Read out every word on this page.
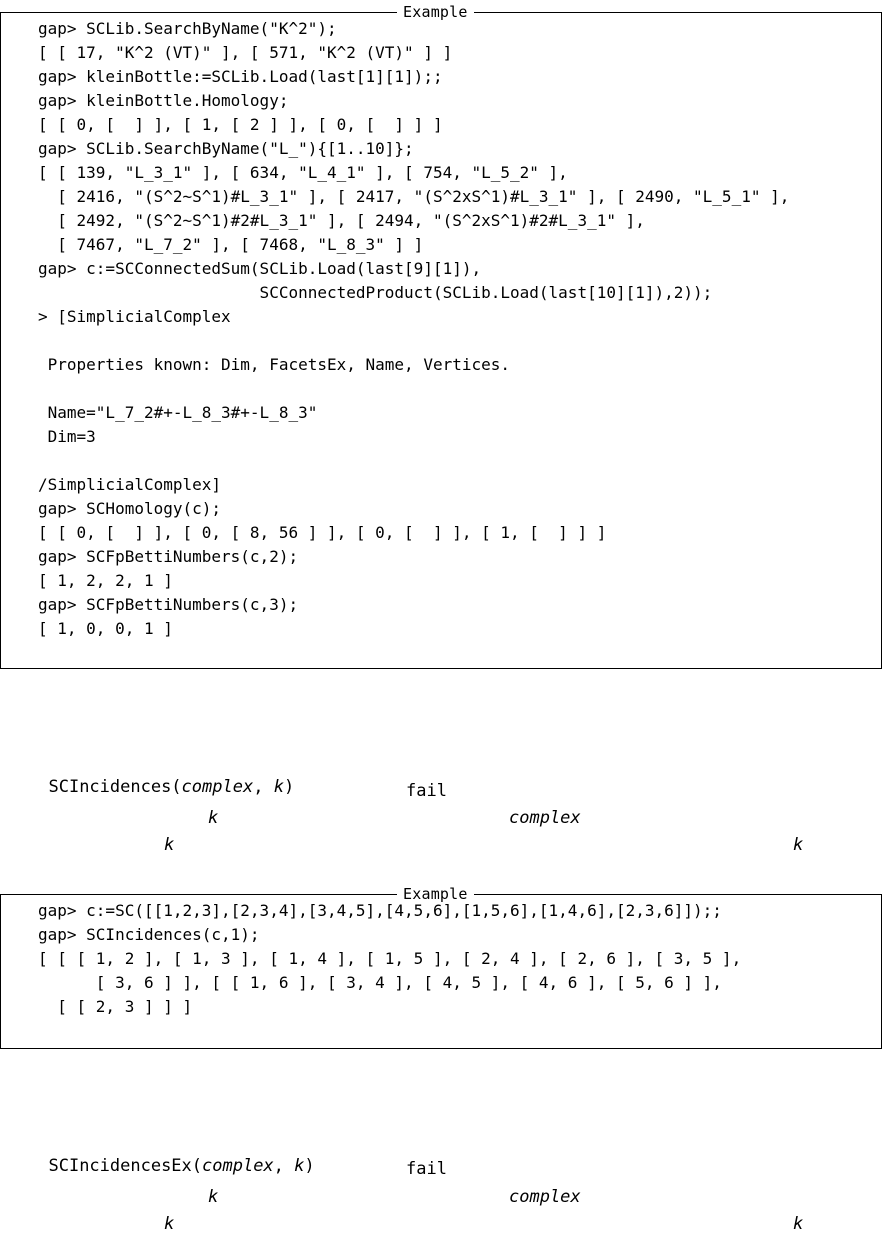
Example
gap> SCLib.SearchByName("K^2");
[ [ 17, "K^2 (VT)" ], [ 571, "K^2 (VT)" ] ]
gap> kleinBottle:=SCLib.Load(last[1][1]);;
gap> kleinBottle.Homology;
[ [ 0, [  ] ], [ 1, [ 2 ] ], [ 0, [  ] ] ]
gap> SCLib.SearchByName("L_"){[1..10]};
[ [ 139, "L_3_1" ], [ 634, "L_4_1" ], [ 754, "L_5_2" ],
[ 2416, "(S^2~S^1)#L_3_1" ], [ 2417, "(S^2xS^1)#L_3_1" ], [ 2490, "L_5_1" ],
[ 2492, "(S^2~S^1)#2#L_3_1" ], [ 2494, "(S^2xS^1)#2#L_3_1" ],
[ 7467, "L_7_2" ], [ 7468, "L_8_3" ] ]
gap> c:=SCConnectedSum(SCLib.Load(last[9][1]),
SCConnectedProduct(SCLib.Load(last[10][1]),2));
> [SimplicialComplex
Properties known: Dim, FacetsEx, Name, Vertices.
Name="L_7_2#+-L_8_3#+-L_8_3"
Dim=3
/SimplicialComplex]
gap> SCHomology(c);
[ [ 0, [  ] ], [ 0, [ 8, 56 ] ], [ 0, [  ] ], [ 1, [  ] ] ]
gap> SCFpBettiNumbers(c,2);
[ 1, 2, 2, 1 ]
gap> SCFpBettiNumbers(c,3);
[ 1, 0, 0, 1 ]

SCIncidences(complex, k)	fail
k	complex
k	k
Example
gap> c:=SC([[1,2,3],[2,3,4],[3,4,5],[4,5,6],[1,5,6],[1,4,6],[2,3,6]]);;
gap> SCIncidences(c,1);
[ [ [ 1, 2 ], [ 1, 3 ], [ 1, 4 ], [ 1, 5 ], [ 2, 4 ], [ 2, 6 ], [ 3, 5 ],
[ 3, 6 ] ], [ [ 1, 6 ], [ 3, 4 ], [ 4, 5 ], [ 4, 6 ], [ 5, 6 ] ],
[ [ 2, 3 ] ] ]

SCIncidencesEx(complex, k)	fail
k	complex
k	k
